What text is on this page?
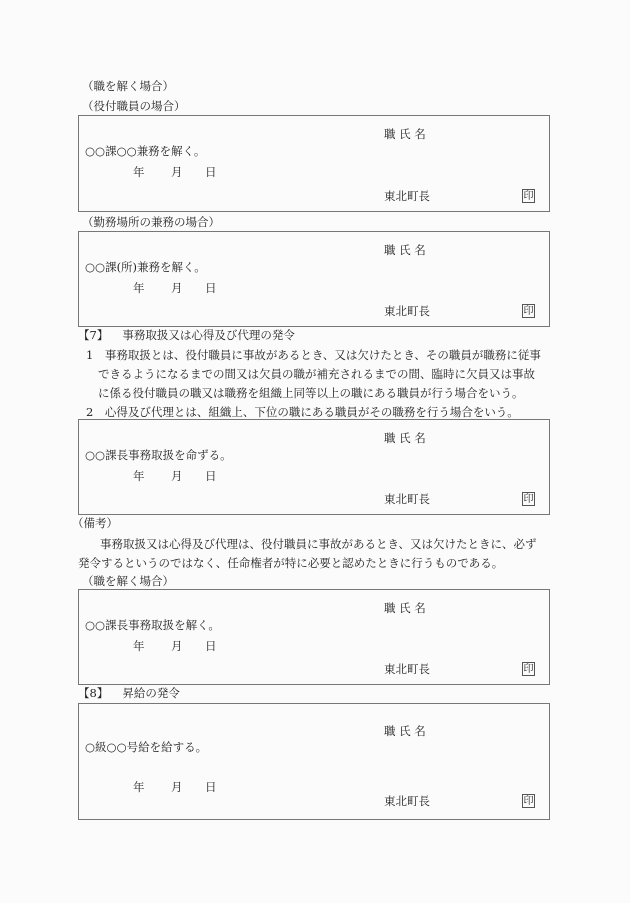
（職を解く場合）
（役付職員の場合）
職 氏 名
○○課○○兼務を解く。
年 月 日
東北町長	印
（勤務場所の兼務の場合）
職 氏 名
○○課(所)兼務を解く。
年 月 日
東北町長	印
【7】 事務取扱又は心得及び代理の発令
1　事務取扱とは、役付職員に事故があるとき、又は欠けたとき、その職員が職務に従事
できるようになるまでの間又は欠員の職が補充されるまでの間、臨時に欠員又は事故
に係る役付職員の職又は職務を組織上同等以上の職にある職員が行う場合をいう。
2　心得及び代理とは、組織上、下位の職にある職員がその職務を行う場合をいう。
職 氏 名
○○課長事務取扱を命ずる。
年 月 日
東北町長	印
（備考）
事務取扱又は心得及び代理は、役付職員に事故があるとき、又は欠けたときに、必ず
発令するというのではなく、任命権者が特に必要と認めたときに行うものである。
（職を解く場合）
職 氏 名
○○課長事務取扱を解く。
年 月 日
東北町長	印
【8】 昇給の発令
職 氏 名
○級○○号給を給する。
年 月 日
東北町長	印
